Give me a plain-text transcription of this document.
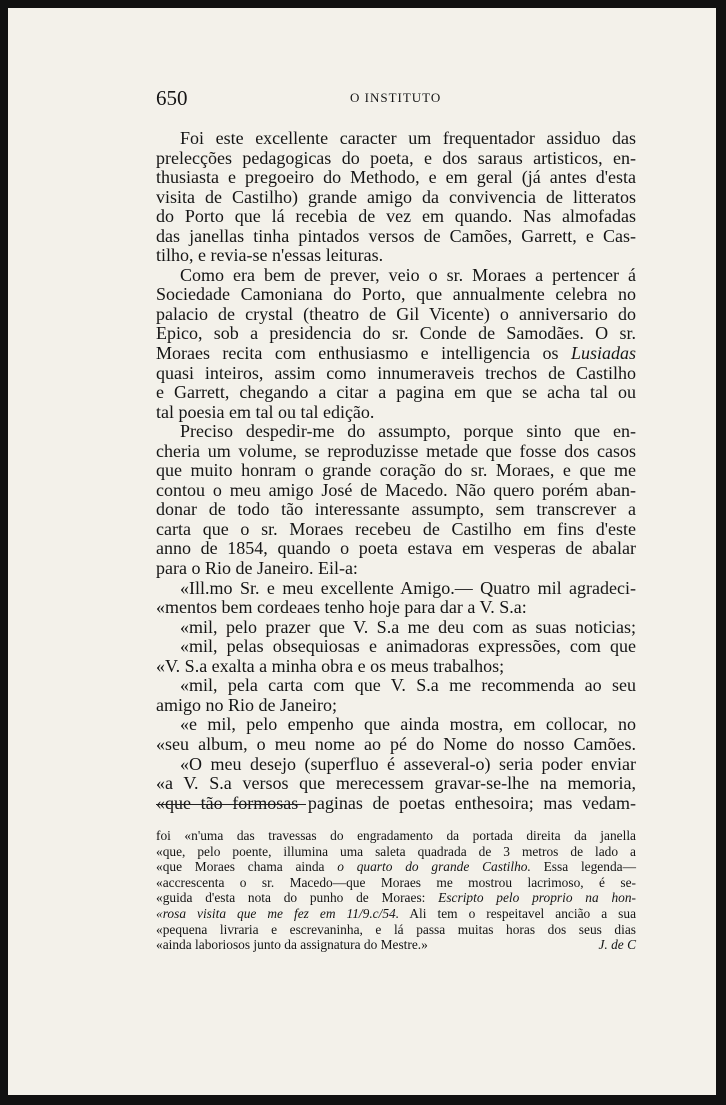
650	O INSTITUTO

Foi este excellente caracter um frequentador assiduo das
prelecções pedagogicas do poeta, e dos saraus artisticos, en-
thusiasta e pregoeiro do Methodo, e em geral (já antes d'esta
visita de Castilho) grande amigo da convivencia de litteratos
do Porto que lá recebia de vez em quando. Nas almofadas
das janellas tinha pintados versos de Camões, Garrett, e Cas-
tilho, e revia-se n'essas leituras.

Como era bem de prever, veio o sr. Moraes a pertencer á
Sociedade Camoniana do Porto, que annualmente celebra no
palacio de crystal (theatro de Gil Vicente) o anniversario do
Epico, sob a presidencia do sr. Conde de Samodães. O sr.
Moraes recita com enthusiasmo e intelligencia os Lusiadas
quasi inteiros, assim como innumeraveis trechos de Castilho
e Garrett, chegando a citar a pagina em que se acha tal ou
tal poesia em tal ou tal edição.

Preciso despedir-me do assumpto, porque sinto que en-
cheria um volume, se reproduzisse metade que fosse dos casos
que muito honram o grande coração do sr. Moraes, e que me
contou o meu amigo José de Macedo. Não quero porém aban-
donar de todo tão interessante assumpto, sem transcrever a
carta que o sr. Moraes recebeu de Castilho em fins d'este
anno de 1854, quando o poeta estava em vesperas de abalar
para o Rio de Janeiro. Eil-a:

«Ill.mo Sr. e meu excellente Amigo.— Quatro mil agradeci-

«mentos bem cordeaes tenho hoje para dar a V. S.a:

«mil, pelo prazer que V. S.a me deu com as suas noticias;

«mil, pelas obsequiosas e animadoras expressões, com que

«V. S.a exalta a minha obra e os meus trabalhos;

«mil, pela carta com que V. S.a me recommenda ao seu

amigo no Rio de Janeiro;

«e mil, pelo empenho que ainda mostra, em collocar, no

«seu album, o meu nome ao pé do Nome do nosso Camões.

«O meu desejo (superfluo é asseveral-o) seria poder enviar

«a V. S.a versos que merecessem gravar-se-lhe na memoria,

«que tão formosas paginas de poetas enthesoira; mas vedam-

foi «n'uma das travessas do engradamento da portada direita da janella
«que, pelo poente, illumina uma saleta quadrada de 3 metros de lado a
«que Moraes chama ainda o quarto do grande Castilho. Essa legenda—
«accrescenta o sr. Macedo—que Moraes me mostrou lacrimoso, é se-
«guida d'esta nota do punho de Moraes: Escripto pelo proprio na hon-
«rosa visita que me fez em 11/9.c/54. Ali tem o respeitavel ancião a sua
«pequena livraria e escrevaninha, e lá passa muitas horas dos seus dias
«ainda laboriosos junto da assignatura do Mestre.»	J. de C
